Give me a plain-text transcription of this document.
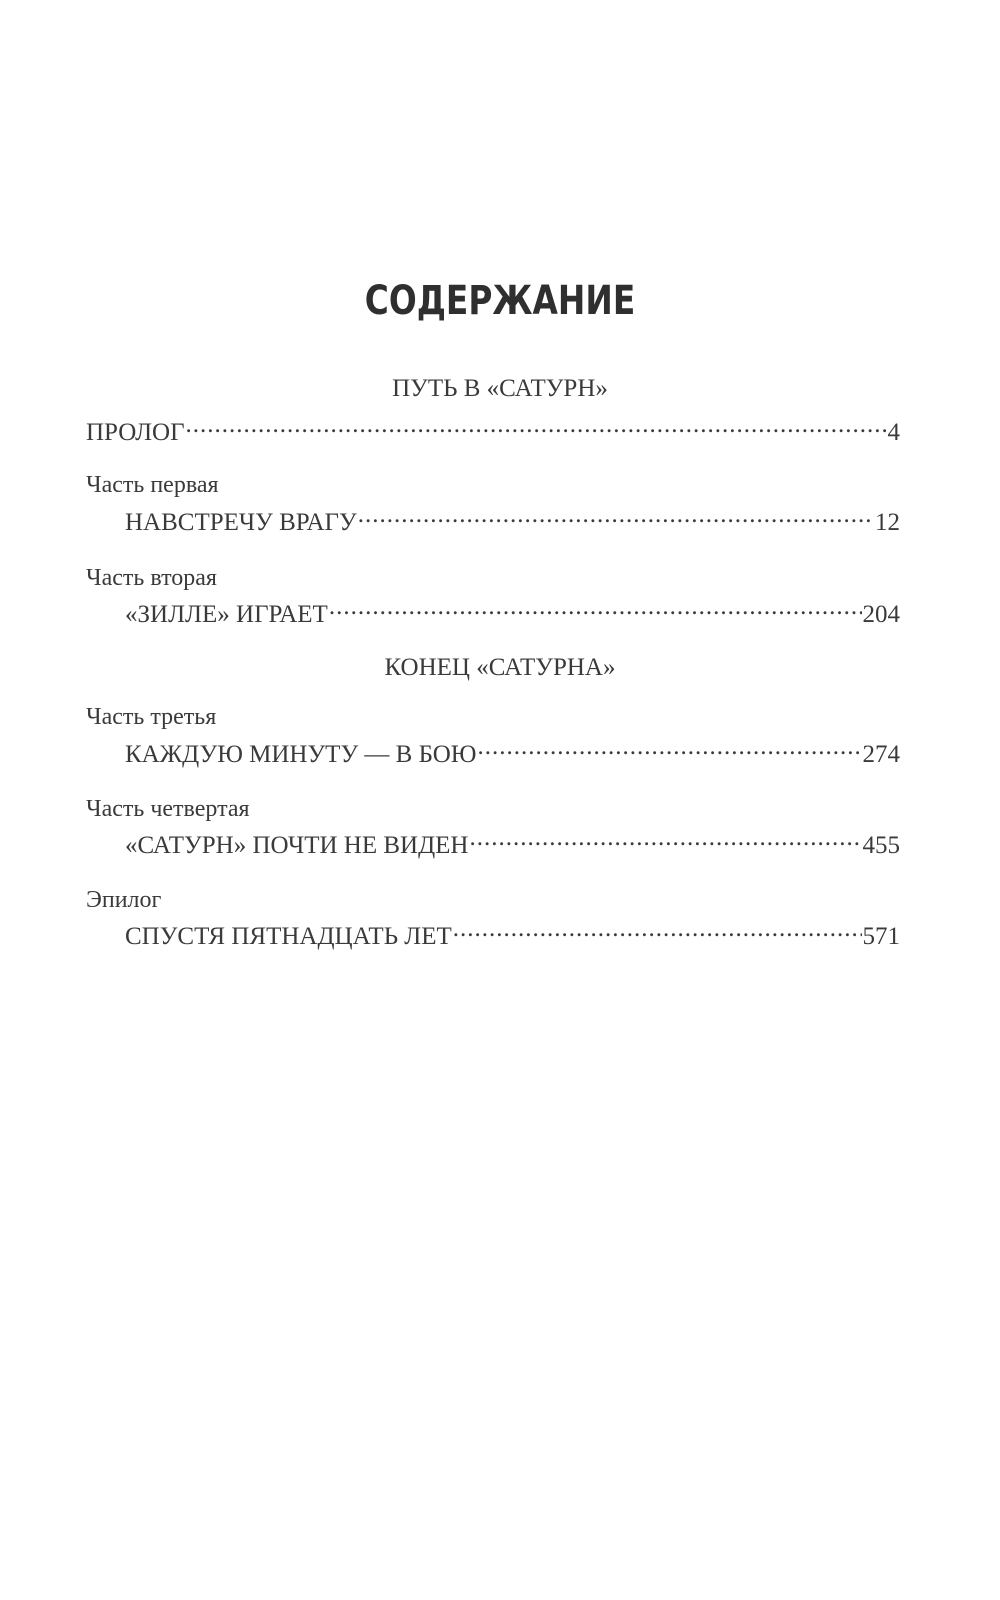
СОДЕРЖАНИЕ
ПУТЬ В «САТУРН»
ПРОЛОГ .....	4
Часть первая
НАВСТРЕЧУ ВРАГУ .....	12
Часть вторая
«ЗИЛЛЕ» ИГРАЕТ .....	204
КОНЕЦ «САТУРНА»
Часть третья
КАЖДУЮ МИНУТУ — В БОЮ .....	274
Часть четвертая
«САТУРН» ПОЧТИ НЕ ВИДЕН .....	455
Эпилог
СПУСТЯ ПЯТНАДЦАТЬ ЛЕТ .....	571
